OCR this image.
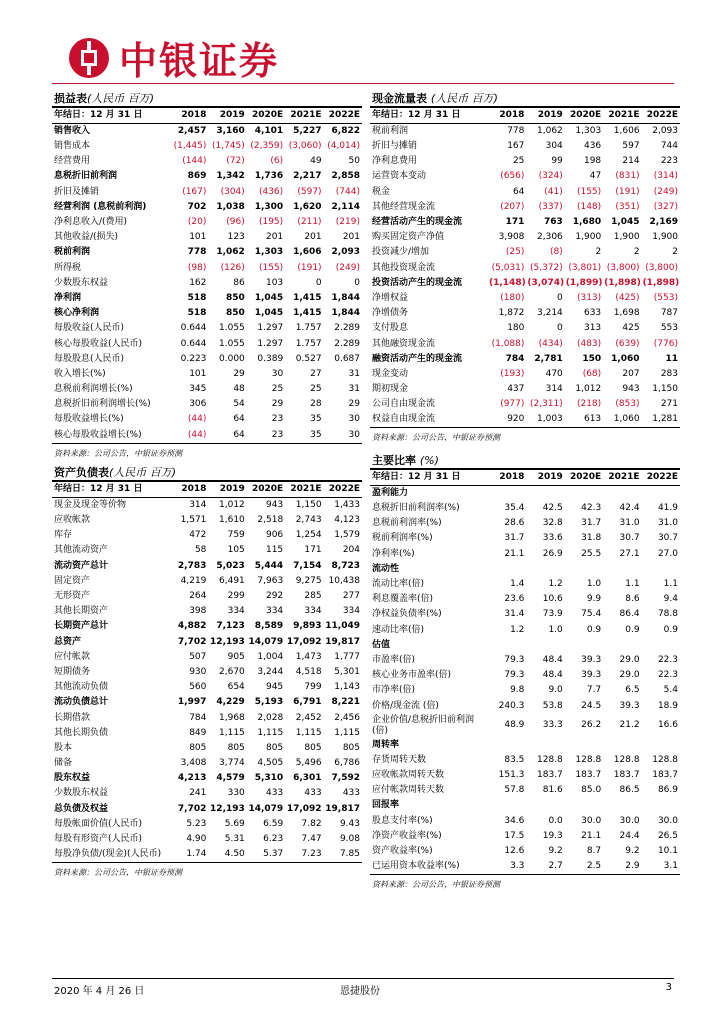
中银证券
损益表(人民币 百万)
年结日：12 月 31 日	2018	2019	2020E	2021E	2022E
销售收入	2,457	3,160	4,101	5,227	6,822
销售成本	(1,445)	(1,745)	(2,359)	(3,060)	(4,014)
经营费用	(144)	(72)	(6)	49	50
息税折旧前利润	869	1,342	1,736	2,217	2,858
折旧及摊销	(167)	(304)	(436)	(597)	(744)
经营利润 (息税前利润)	702	1,038	1,300	1,620	2,114
净利息收入/(费用)	(20)	(96)	(195)	(211)	(219)
其他收益/(损失)	101	123	201	201	201
税前利润	778	1,062	1,303	1,606	2,093
所得税	(98)	(126)	(155)	(191)	(249)
少数股东权益	162	86	103	0	0
净利润	518	850	1,045	1,415	1,844
核心净利润	518	850	1,045	1,415	1,844
每股收益(人民币)	0.644	1.055	1.297	1.757	2.289
核心每股收益(人民币)	0.644	1.055	1.297	1.757	2.289
每股股息(人民币)	0.223	0.000	0.389	0.527	0.687
收入增长(%)	101	29	30	27	31
息税前利润增长(%)	345	48	25	25	31
息税折旧前利润增长(%)	306	54	29	28	29
每股收益增长(%)	(44)	64	23	35	30
核心每股收益增长(%)	(44)	64	23	35	30
资料来源：公司公告，中银证券预测
资产负债表(人民币 百万)
年结日：12 月 31 日	2018	2019	2020E	2021E	2022E
现金及现金等价物	314	1,012	943	1,150	1,433
应收帐款	1,571	1,610	2,518	2,743	4,123
库存	472	759	906	1,254	1,579
其他流动资产	58	105	115	171	204
流动资产总计	2,783	5,023	5,444	7,154	8,723
固定资产	4,219	6,491	7,963	9,275	10,438
无形资产	264	299	292	285	277
其他长期资产	398	334	334	334	334
长期资产总计	4,882	7,123	8,589	9,893	11,049
总资产	7,702	12,193	14,079	17,092	19,817
应付帐款	507	905	1,004	1,473	1,777
短期债务	930	2,670	3,244	4,518	5,301
其他流动负债	560	654	945	799	1,143
流动负债总计	1,997	4,229	5,193	6,791	8,221
长期借款	784	1,968	2,028	2,452	2,456
其他长期负债	849	1,115	1,115	1,115	1,115
股本	805	805	805	805	805
储备	3,408	3,774	4,505	5,496	6,786
股东权益	4,213	4,579	5,310	6,301	7,592
少数股东权益	241	330	433	433	433
总负债及权益	7,702	12,193	14,079	17,092	19,817
每股帐面价值(人民币)	5.23	5.69	6.59	7.82	9.43
每股有形资产(人民币)	4.90	5.31	6.23	7.47	9.08
每股净负债/(现金)(人民币)	1.74	4.50	5.37	7.23	7.85
资料来源：公司公告，中银证券预测
现金流量表 (人民币 百万)
年结日：12 月 31 日	2018	2019	2020E	2021E	2022E
税前利润	778	1,062	1,303	1,606	2,093
折旧与摊销	167	304	436	597	744
净利息费用	25	99	198	214	223
运营资本变动	(656)	(324)	47	(831)	(314)
税金	64	(41)	(155)	(191)	(249)
其他经营现金流	(207)	(337)	(148)	(351)	(327)
经营活动产生的现金流	171	763	1,680	1,045	2,169
购买固定资产净值	3,908	2,306	1,900	1,900	1,900
投资减少/增加	(25)	(8)	2	2	2
其他投资现金流	(5,031)	(5,372)	(3,801)	(3,800)	(3,800)
投资活动产生的现金流	(1,148)	(3,074)	(1,899)	(1,898)	(1,898)
净增权益	(180)	0	(313)	(425)	(553)
净增债务	1,872	3,214	633	1,698	787
支付股息	180	0	313	425	553
其他融资现金流	(1,088)	(434)	(483)	(639)	(776)
融资活动产生的现金流	784	2,781	150	1,060	11
现金变动	(193)	470	(68)	207	283
期初现金	437	314	1,012	943	1,150
公司自由现金流	(977)	(2,311)	(218)	(853)	271
权益自由现金流	920	1,003	613	1,060	1,281
资料来源：公司公告，中银证券预测
主要比率 (%)
年结日：12 月 31 日	2018	2019	2020E	2021E	2022E
盈利能力					
息税折旧前利润率(%)	35.4	42.5	42.3	42.4	41.9
息税前利润率(%)	28.6	32.8	31.7	31.0	31.0
税前利润率(%)	31.7	33.6	31.8	30.7	30.7
净利率(%)	21.1	26.9	25.5	27.1	27.0
流动性					
流动比率(倍)	1.4	1.2	1.0	1.1	1.1
利息覆盖率(倍)	23.6	10.6	9.9	8.6	9.4
净权益负债率(%)	31.4	73.9	75.4	86.4	78.8
速动比率(倍)	1.2	1.0	0.9	0.9	0.9
估值					
市盈率(倍)	79.3	48.4	39.3	29.0	22.3
核心业务市盈率(倍)	79.3	48.4	39.3	29.0	22.3
市净率(倍)	9.8	9.0	7.7	6.5	5.4
价格/现金流 (倍)	240.3	53.8	24.5	39.3	18.9
企业价值/息税折旧前利润(倍)	48.9	33.3	26.2	21.2	16.6
周转率					
存货周转天数	83.5	128.8	128.8	128.8	128.8
应收帐款周转天数	151.3	183.7	183.7	183.7	183.7
应付帐款周转天数	57.8	81.6	85.0	86.5	86.9
回报率					
股息支付率(%)	34.6	0.0	30.0	30.0	30.0
净资产收益率(%)	17.5	19.3	21.1	24.4	26.5
资产收益率(%)	12.6	9.2	8.7	9.2	10.1
已运用资本收益率(%)	3.3	2.7	2.5	2.9	3.1
资料来源：公司公告，中银证券预测
2020 年 4 月 26 日	恩捷股份	3
